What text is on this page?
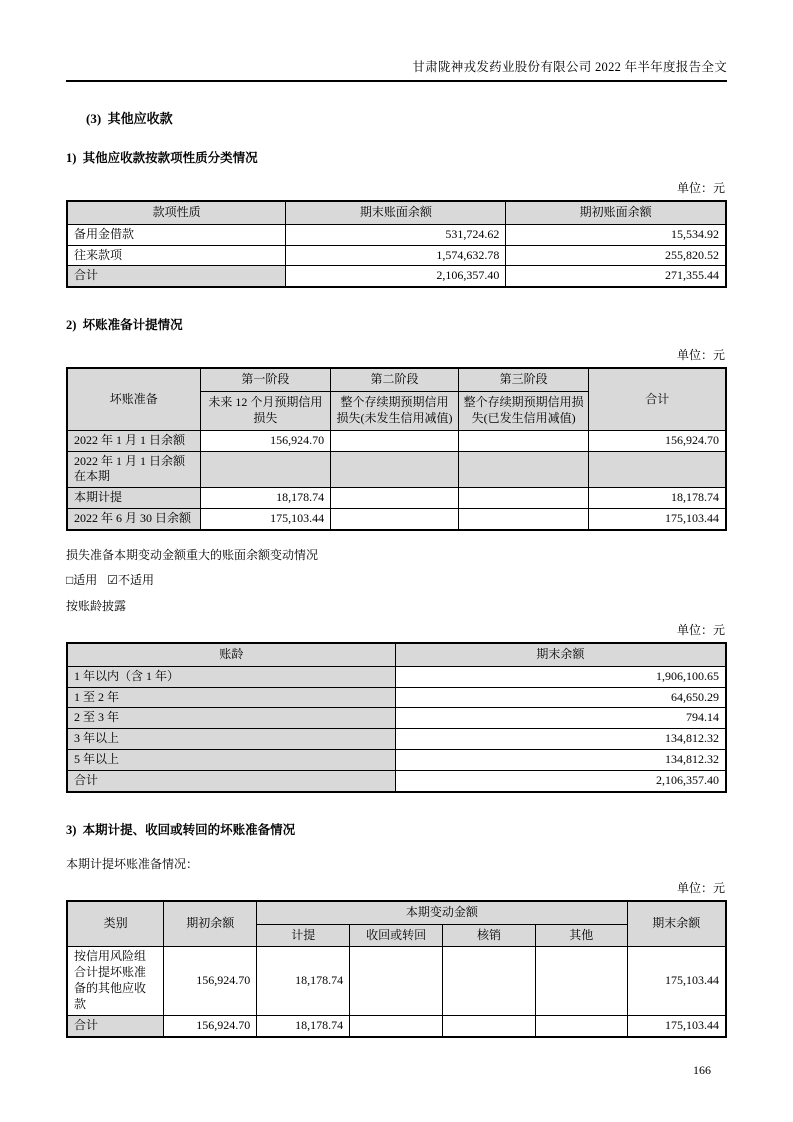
甘肃陇神戎发药业股份有限公司 2022 年半年度报告全文
(3)  其他应收款
1)  其他应收款按款项性质分类情况
单位：元
款项性质	期末账面余额	期初账面余额
备用金借款	531,724.62	15,534.92
往来款项	1,574,632.78	255,820.52
合计	2,106,357.40	271,355.44
2)  坏账准备计提情况
单位：元
坏账准备	第一阶段	第二阶段	第三阶段	合计
	未来 12 个月预期信用损失	整个存续期预期信用损失(未发生信用减值)	整个存续期预期信用损失(已发生信用减值)	
2022 年 1 月 1 日余额	156,924.70			156,924.70
2022 年 1 月 1 日余额在本期				
本期计提	18,178.74			18,178.74
2022 年 6 月 30 日余额	175,103.44			175,103.44
损失准备本期变动金额重大的账面余额变动情况
□适用 ☑不适用
按账龄披露
单位：元
账龄	期末余额
1 年以内（含 1 年）	1,906,100.65
1 至 2 年	64,650.29
2 至 3 年	794.14
3 年以上	134,812.32
5 年以上	134,812.32
合计	2,106,357.40
3)  本期计提、收回或转回的坏账准备情况
本期计提坏账准备情况：
单位：元
类别	期初余额	本期变动金额				期末余额
		计提	收回或转回	核销	其他	
按信用风险组合计提坏账准备的其他应收款	156,924.70	18,178.74				175,103.44
合计	156,924.70	18,178.74				175,103.44
166
